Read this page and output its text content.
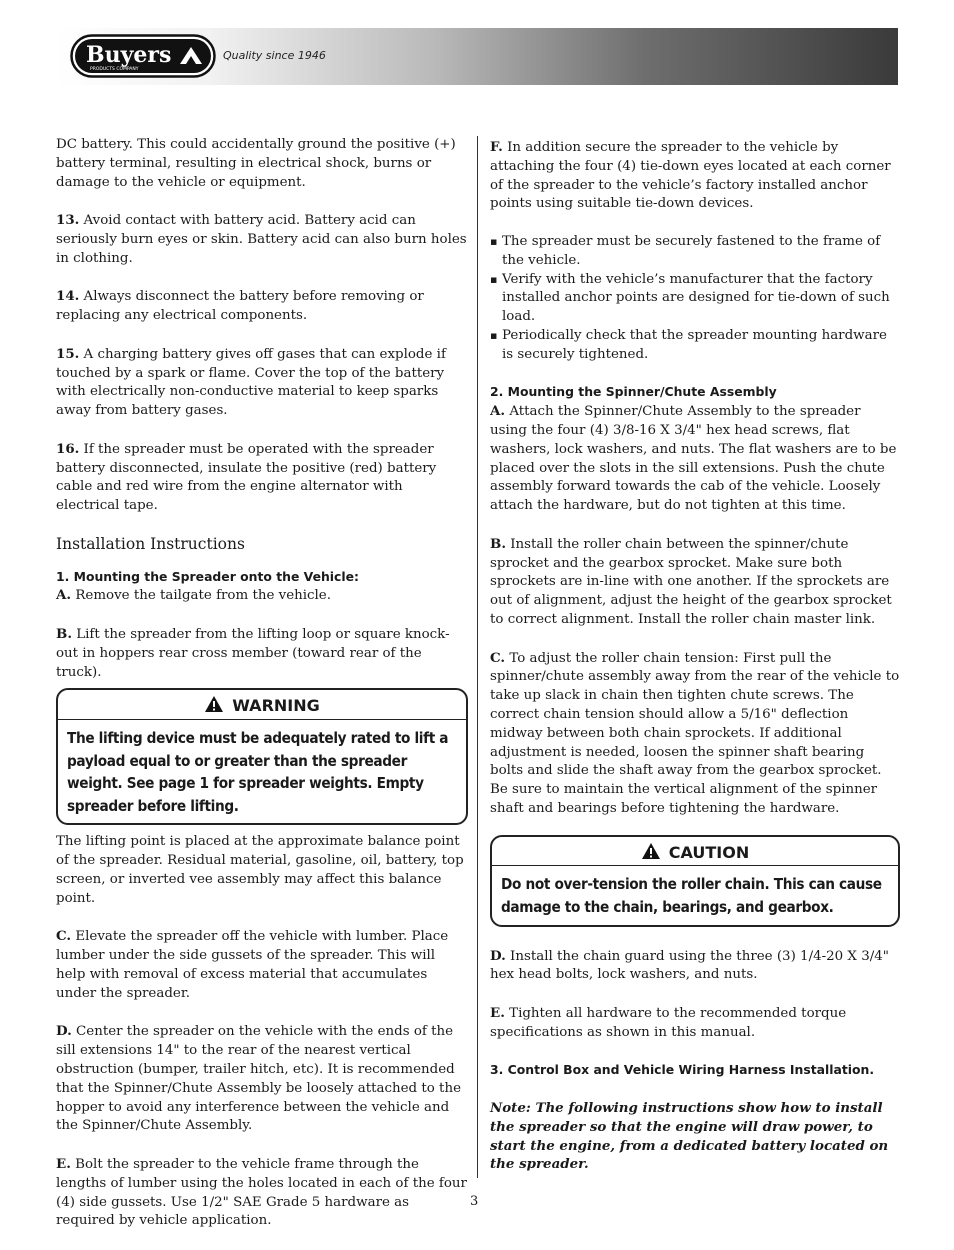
Buyers
PRODUCTS COMPANY
Quality since 1946

DC battery. This could accidentally ground the positive (+) battery terminal, resulting in electrical shock, burns or damage to the vehicle or equipment.

13. Avoid contact with battery acid. Battery acid can seriously burn eyes or skin. Battery acid can also burn holes in clothing.

14. Always disconnect the battery before removing or replacing any electrical components.

15. A charging battery gives off gases that can explode if touched by a spark or flame. Cover the top of the battery with electrically non-conductive material to keep sparks away from battery gases.

16. If the spreader must be operated with the spreader battery disconnected, insulate the positive (red) battery cable and red wire from the engine alternator with electrical tape.

Installation Instructions
1. Mounting the Spreader onto the Vehicle:

A. Remove the tailgate from the vehicle.

B. Lift the spreader from the lifting loop or square knock-out in hoppers rear cross member (toward rear of the truck).

WARNING
The lifting device must be adequately rated to lift a payload equal to or greater than the spreader weight. See page 1 for spreader weights. Empty spreader before lifting.

The lifting point is placed at the approximate balance point of the spreader. Residual material, gasoline, oil, battery, top screen, or inverted vee assembly may affect this balance point.

C. Elevate the spreader off the vehicle with lumber. Place lumber under the side gussets of the spreader. This will help with removal of excess material that accumulates under the spreader.

D. Center the spreader on the vehicle with the ends of the sill extensions 14" to the rear of the nearest vertical obstruction (bumper, trailer hitch, etc). It is recommended that the Spinner/Chute Assembly be loosely attached to the hopper to avoid any interference between the vehicle and the Spinner/Chute Assembly.

E. Bolt the spreader to the vehicle frame through the lengths of lumber using the holes located in each of the four (4) side gussets. Use 1/2" SAE Grade 5 hardware as required by vehicle application.

F. In addition secure the spreader to the vehicle by attaching the four (4) tie-down eyes located at each corner of the spreader to the vehicle’s factory installed anchor points using suitable tie-down devices.

▪ The spreader must be securely fastened to the frame of the vehicle.
▪ Verify with the vehicle’s manufacturer that the factory installed anchor points are designed for tie-down of such load.
▪ Periodically check that the spreader mounting hardware is securely tightened.
2. Mounting the Spinner/Chute Assembly

A. Attach the Spinner/Chute Assembly to the spreader using the four (4) 3/8-16 X 3/4" hex head screws, flat washers, lock washers, and nuts. The flat washers are to be placed over the slots in the sill extensions. Push the chute assembly forward towards the cab of the vehicle. Loosely attach the hardware, but do not tighten at this time.

B. Install the roller chain between the spinner/chute sprocket and the gearbox sprocket. Make sure both sprockets are in-line with one another. If the sprockets are out of alignment, adjust the height of the gearbox sprocket to correct alignment. Install the roller chain master link.

C. To adjust the roller chain tension: First pull the spinner/chute assembly away from the rear of the vehicle to take up slack in chain then tighten chute screws. The correct chain tension should allow a 5/16" deflection midway between both chain sprockets. If additional adjustment is needed, loosen the spinner shaft bearing bolts and slide the shaft away from the gearbox sprocket. Be sure to maintain the vertical alignment of the spinner shaft and bearings before tightening the hardware.

CAUTION
Do not over-tension the roller chain. This can cause damage to the chain, bearings, and gearbox.

D. Install the chain guard using the three (3) 1/4-20 X 3/4" hex head bolts, lock washers, and nuts.

E. Tighten all hardware to the recommended torque specifications as shown in this manual.

3. Control Box and Vehicle Wiring Harness Installation.

Note: The following instructions show how to install the spreader so that the engine will draw power, to start the engine, from a dedicated battery located on the spreader.

3
